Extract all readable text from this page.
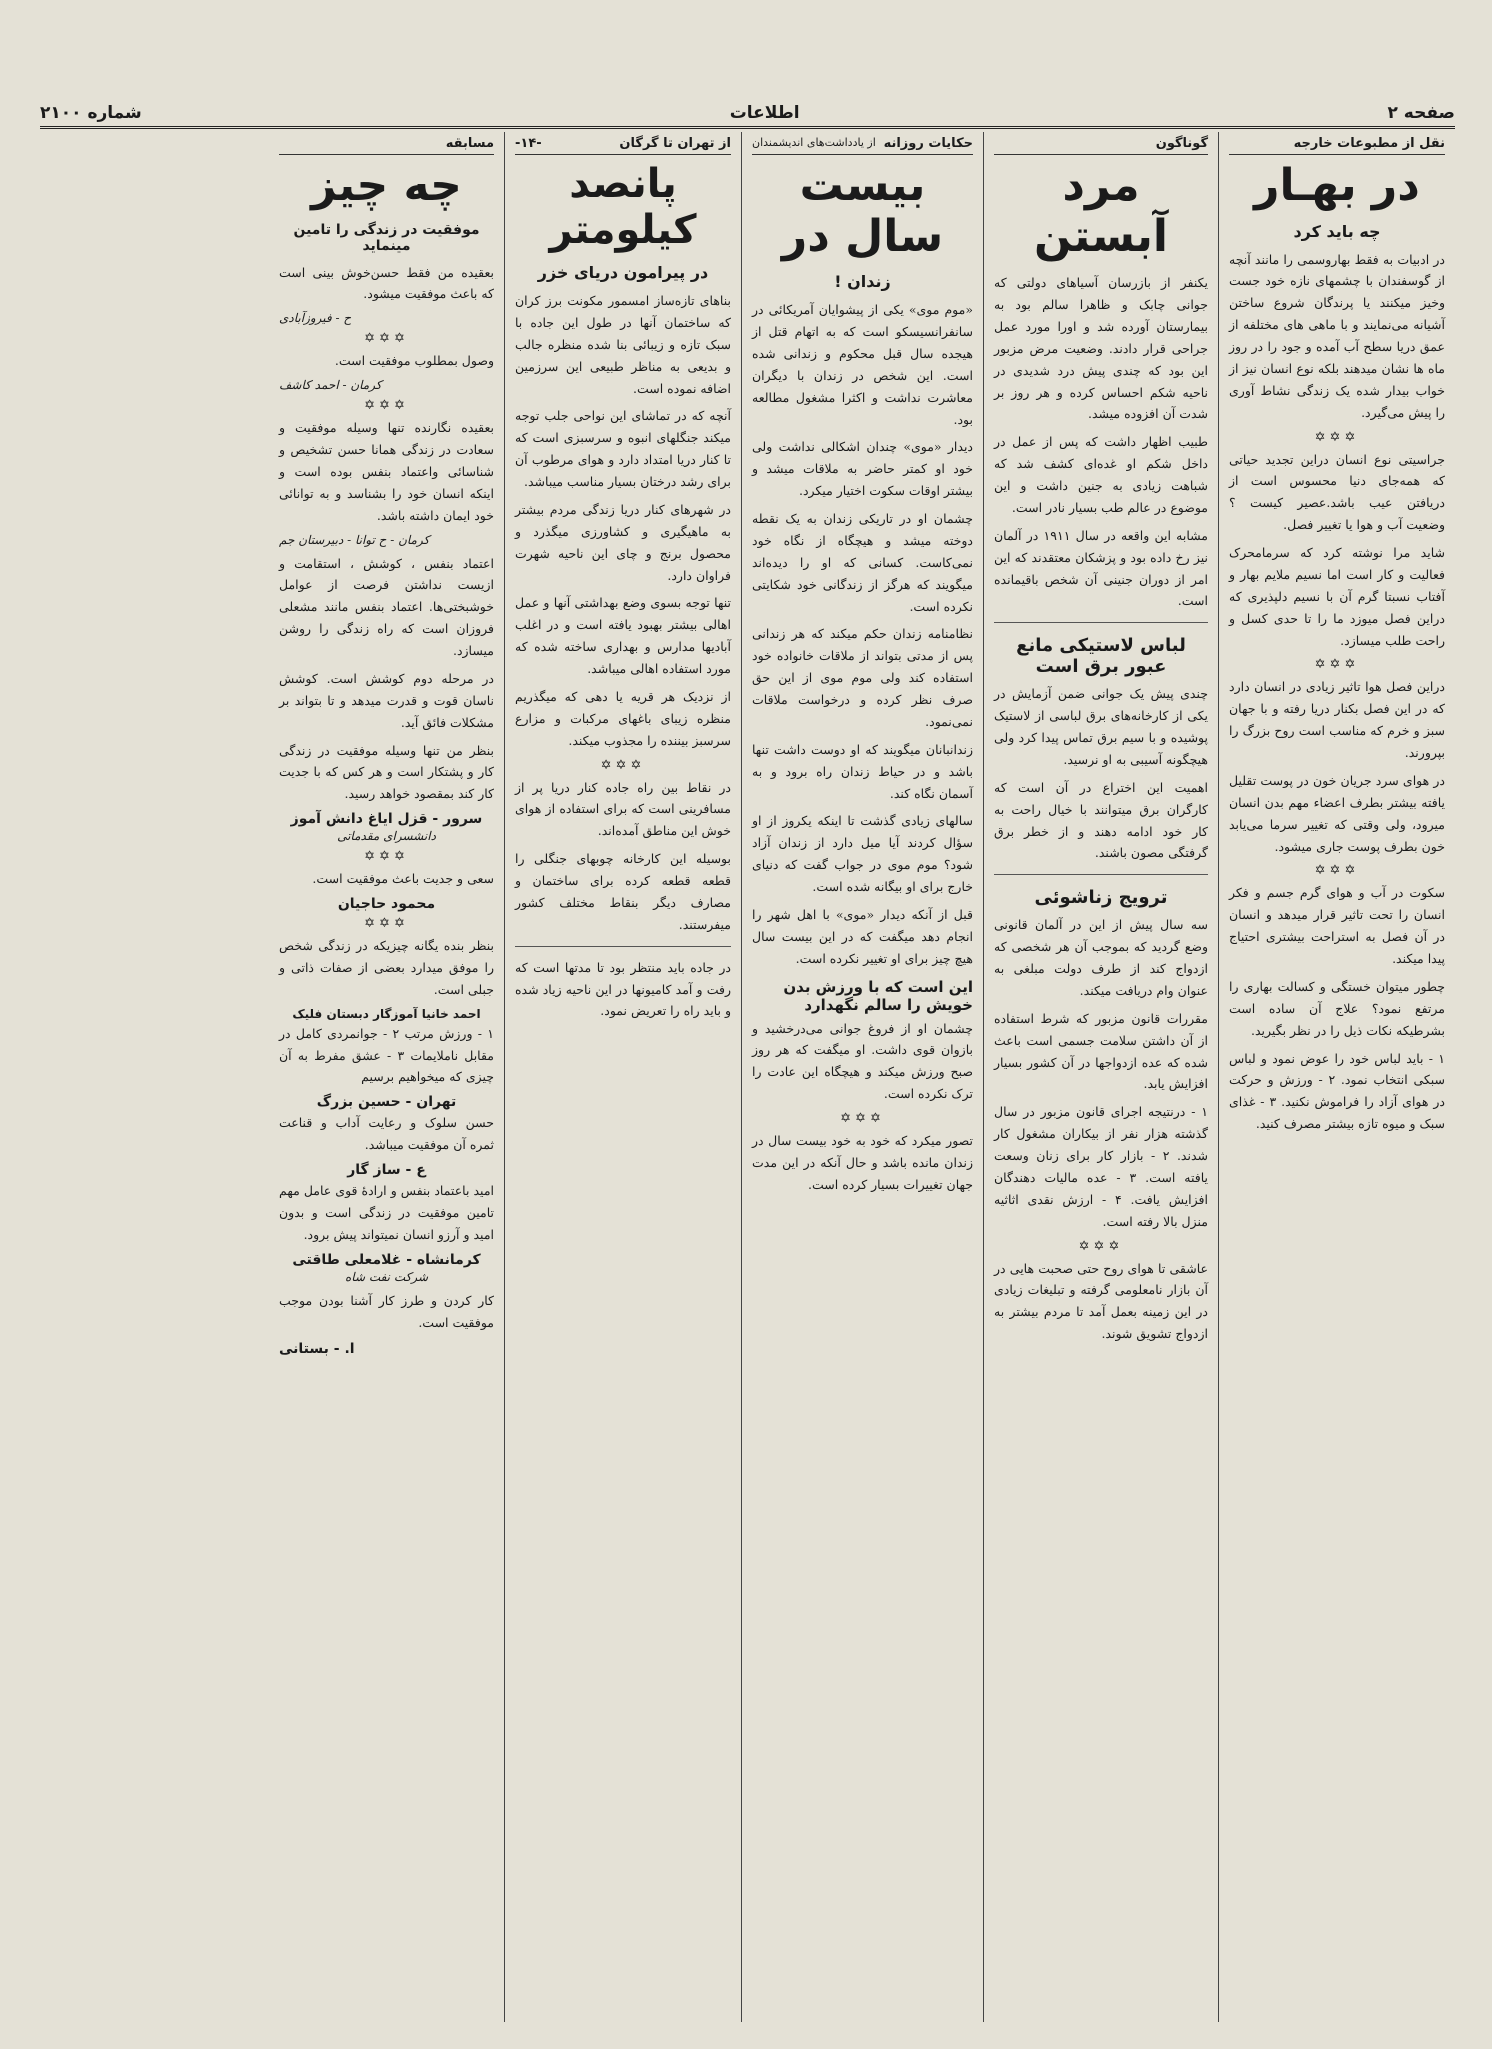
صفحه ۲
اطلاعات
شماره ۲۱۰۰
نقل از مطبوعات خارجه
در بهـار
چه باید کرد

در ادبیات به فقط بهاروسمی را مانند آنچه از گوسفندان با چشمهای نازه خود جست وخیز میکنند یا پرندگان شروع ساختن آشیانه می‌نمایند و با ماهی های مختلفه از عمق دریا سطح آب آمده و جود را در روز ماه ها نشان میدهند بلکه نوع انسان نیز از خواب بیدار شده یک زندگی نشاط آوری را پیش می‌گیرد.

✡✡✡

جراسیتی نوع انسان دراین تجدید حیاتی که همه‌جای دنیا محسوس است از دریافتن عیب باشد.عصیر کیست ؟ وضعیت آب و هوا یا تغییر فصل.

شاید مرا نوشته کرد که سرمامحرک فعالیت و کار است اما نسیم ملایم بهار و آفتاب نسبتا گرم آن با نسیم دلپذیری که دراین فصل میوزد ما را تا حدی کسل و راحت طلب میسازد.

✡✡✡

دراین فصل هوا تاثیر زیادی در انسان دارد که در این فصل بکنار دریا رفته و با جهان سبز و خرم که مناسب است روح بزرگ را بپرورند.

در هوای سرد جریان خون در پوست تقلیل یافته بیشتر بطرف اعضاء مهم بدن انسان میرود، ولی وقتی که تغییر سرما می‌یابد خون بطرف پوست جاری میشود.

✡✡✡

سکوت در آب و هوای گرم جسم و فکر انسان را تحت تاثیر قرار میدهد و انسان در آن فصل به استراحت بیشتری احتیاج پیدا میکند.

چطور میتوان خستگی و کسالت بهاری را مرتفع نمود؟ علاج آن ساده است بشرطیکه نکات ذیل را در نظر بگیرید.

۱ - باید لباس خود را عوض نمود و لباس سبکی انتخاب نمود. ۲ - ورزش و حرکت در هوای آزاد را فراموش نکنید. ۳ - غذای سبک و میوه تازه بیشتر مصرف کنید.

گوناگون
مرد آبستن

یکنفر از بازرسان آسیاهای دولتی که جوانی چابک و ظاهرا سالم بود به بیمارستان آورده شد و اورا مورد عمل جراحی قرار دادند. وضعیت مرض مزبور این بود که چندی پیش درد شدیدی در ناحیه شکم احساس کرده و هر روز بر شدت آن افزوده میشد.

طبیب اظهار داشت که پس از عمل در داخل شکم او غده‌ای کشف شد که شباهت زیادی به جنین داشت و این موضوع در عالم طب بسیار نادر است.

مشابه این واقعه در سال ۱۹۱۱ در آلمان نیز رخ داده بود و پزشکان معتقدند که این امر از دوران جنینی آن شخص باقیمانده است.

لباس لاستیکی مانع عبور برق است

چندی پیش یک جوانی ضمن آزمایش در یکی از کارخانه‌های برق لباسی از لاستیک پوشیده و با سیم برق تماس پیدا کرد ولی هیچگونه آسیبی به او نرسید.

اهمیت این اختراع در آن است که کارگران برق میتوانند با خیال راحت به کار خود ادامه دهند و از خطر برق گرفتگی مصون باشند.

ترویج زناشوئی

سه سال پیش از این در آلمان قانونی وضع گردید که بموجب آن هر شخصی که ازدواج کند از طرف دولت مبلغی به عنوان وام دریافت میکند.

مقررات قانون مزبور که شرط استفاده از آن داشتن سلامت جسمی است باعث شده که عده ازدواجها در آن کشور بسیار افزایش یابد.

۱ - درنتیجه اجرای قانون مزبور در سال گذشته هزار نفر از بیکاران مشغول کار شدند. ۲ - بازار کار برای زنان وسعت یافته است. ۳ - عده مالیات دهندگان افزایش یافت. ۴ - ارزش نقدی اثاثیه منزل بالا رفته است.

✡✡✡

عاشقی تا هوای روح حتی صحبت هایی در آن بازار نامعلومی گرفته و تبلیغات زیادی در این زمینه بعمل آمد تا مردم بیشتر به ازدواج تشویق شوند.

حکایات روزانه
از یادداشت‌های اندیشمندان
بیست سال در
زندان !

«موم موی» یکی از پیشوایان آمریکائی در سانفرانسیسکو است که به اتهام قتل از هیجده سال قبل محکوم و زندانی شده است. این شخص در زندان با دیگران معاشرت نداشت و اکثرا مشغول مطالعه بود.

دیدار «موی» چندان اشکالی نداشت ولی خود او کمتر حاضر به ملاقات میشد و بیشتر اوقات سکوت اختیار میکرد.

چشمان او در تاریکی زندان به یک نقطه دوخته میشد و هیچگاه از نگاه خود نمی‌کاست. کسانی که او را دیده‌اند میگویند که هرگز از زندگانی خود شکایتی نکرده است.

نظامنامه زندان حکم میکند که هر زندانی پس از مدتی بتواند از ملاقات خانواده خود استفاده کند ولی موم موی از این حق صرف نظر کرده و درخواست ملاقات نمی‌نمود.

زندانبانان میگویند که او دوست داشت تنها باشد و در حیاط زندان راه برود و به آسمان نگاه کند.

سالهای زیادی گذشت تا اینکه یکروز از او سؤال کردند آیا میل دارد از زندان آزاد شود؟ موم موی در جواب گفت که دنیای خارج برای او بیگانه شده است.

قبل از آنکه دیدار «موی» با اهل شهر را انجام دهد میگفت که در این بیست سال هیچ چیز برای او تغییر نکرده است.

این است که با ورزش بدن خویش را سالم نگهدارد

چشمان او از فروغ جوانی می‌درخشید و بازوان قوی داشت. او میگفت که هر روز صبح ورزش میکند و هیچگاه این عادت را ترک نکرده است.

✡✡✡

تصور میکرد که خود به خود بیست سال در زندان مانده باشد و حال آنکه در این مدت جهان تغییرات بسیار کرده است.

از تهران تا گرگان
-۱۴-
پانصد کیلومتر
در پیرامون دریای خزر

بناهای تازه‌ساز امسمور مکونت برز کران که ساختمان آنها در طول این جاده با سبک تازه و زیبائی بنا شده منظره جالب و بدیعی به مناظر طبیعی این سرزمین اضافه نموده است.

آنچه که در تماشای این نواحی جلب توجه میکند جنگلهای انبوه و سرسبزی است که تا کنار دریا امتداد دارد و هوای مرطوب آن برای رشد درختان بسیار مناسب میباشد.

در شهرهای کنار دریا زندگی مردم بیشتر به ماهیگیری و کشاورزی میگذرد و محصول برنج و چای این ناحیه شهرت فراوان دارد.

تنها توجه بسوی وضع بهداشتی آنها و عمل اهالی بیشتر بهبود یافته است و در اغلب آبادیها مدارس و بهداری ساخته شده که مورد استفاده اهالی میباشد.

از نزدیک هر قریه یا دهی که میگذریم منظره زیبای باغهای مرکبات و مزارع سرسبز بیننده را مجذوب میکند.

✡✡✡

در نقاط بین راه جاده کنار دریا پر از مسافرینی است که برای استفاده از هوای خوش این مناطق آمده‌اند.

بوسیله این کارخانه چوبهای جنگلی را قطعه قطعه کرده برای ساختمان و مصارف دیگر بنقاط مختلف کشور میفرستند.

در جاده باید منتظر بود تا مدتها است که رفت و آمد کامیونها در این ناحیه زیاد شده و باید راه را تعریض نمود.

مسابقه
چه چیز
موفقیت در زندگی را تامین مینماید

بعقیده من فقط حسن‌خوش بینی است که باعث موفقیت میشود.

ح - فیروزآبادی
✡✡✡

وصول بمطلوب موفقیت است.

کرمان - احمد کاشف
✡✡✡

بعقیده نگارنده تنها وسیله موفقیت و سعادت در زندگی همانا حسن تشخیص و شناسائی واعتماد بنفس بوده است و اینکه انسان خود را بشناسد و به توانائی خود ایمان داشته باشد.

کرمان - ح توانا - دبیرستان جم

اعتماد بنفس ، کوشش ، استقامت و ازیست نداشتن فرصت از عوامل خوشبختی‌ها. اعتماد بنفس مانند مشعلی فروزان است که راه زندگی را روشن میسازد.

در مرحله دوم کوشش است. کوشش ناسان قوت و قدرت میدهد و تا بتواند بر مشکلات فائق آید.

بنظر من تنها وسیله موفقیت در زندگی کار و پشتکار است و هر کس که با جدیت کار کند بمقصود خواهد رسید.

سرور - قزل ایاغ دانش آموز
دانشسرای مقدماتی
✡✡✡

سعی و جدیت باعث موفقیت است.

محمود حاجیان
✡✡✡

بنظر بنده یگانه چیزیکه در زندگی شخص را موفق میدارد بعضی از صفات ذاتی و جبلی است.

احمد خانیا آموزگار دبستان فلیک

۱ - ورزش مرتب ۲ - جوانمردی کامل در مقابل ناملایمات ۳ - عشق مفرط به آن چیزی که میخواهیم برسیم

تهران - حسین بزرگ

حسن سلوک و رعایت آداب و قناعت ثمره آن موفقیت میباشد.

ع - ساز گار

امید باعتماد بنفس و ارادهٔ قوی عامل مهم تامین موفقیت در زندگی است و بدون امید و آرزو انسان نمیتواند پیش برود.

کرمانشاه - غلامعلی طاقتی
شرکت نفت شاه

کار کردن و طرز کار آشنا بودن موجب موفقیت است.

ا. - بستانی
